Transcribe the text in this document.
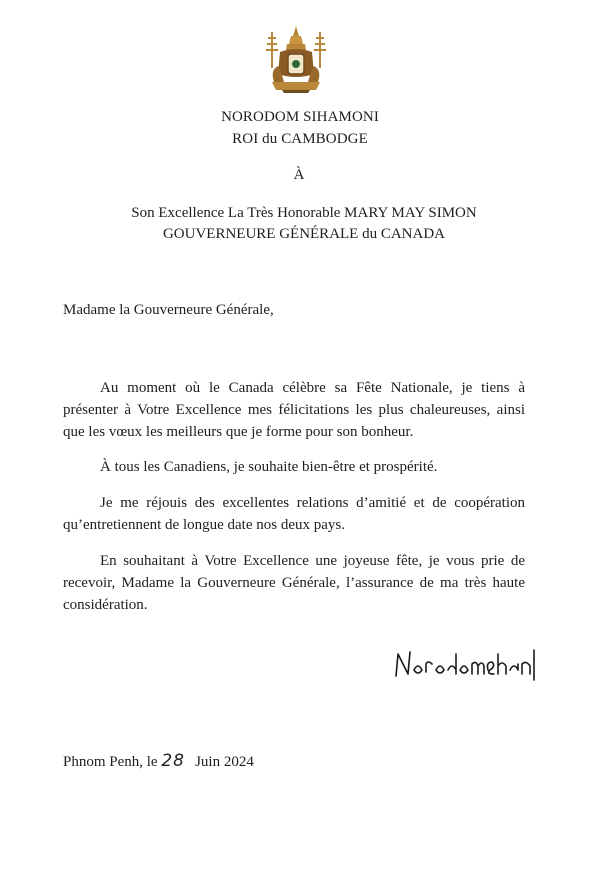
NORODOM SIHAMONI
ROI du CAMBODGE
À
Son Excellence La Très Honorable MARY MAY SIMON
GOUVERNEURE GÉNÉRALE du CANADA
Madame la Gouverneure Générale,

Au moment où le Canada célèbre sa Fête Nationale, je tiens à présenter à Votre Excellence mes félicitations les plus chaleureuses, ainsi que les vœux les meilleurs que je forme pour son bonheur.

À tous les Canadiens, je souhaite bien-être et prospérité.

Je me réjouis des excellentes relations d’amitié et de coopération qu’entretiennent de longue date nos deux pays.

En souhaitant à Votre Excellence une joyeuse fête, je vous prie de recevoir, Madame la Gouverneure Générale, l’assurance de ma très haute considération.

Phnom Penh, le 28 Juin 2024
